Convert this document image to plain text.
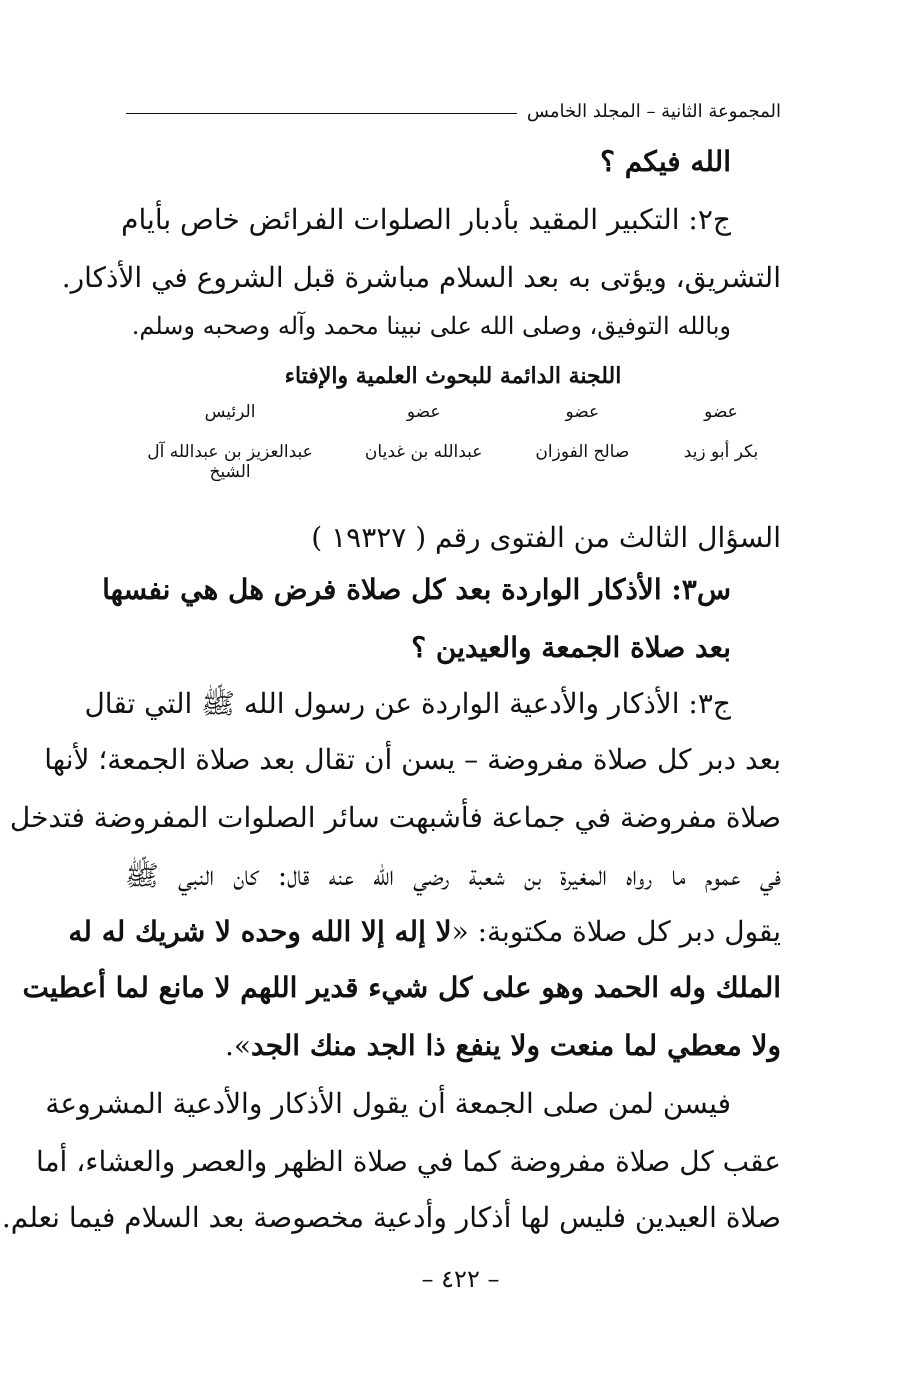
المجموعة الثانية – المجلد الخامس
الله فيكم ؟
ج٢: التكبير المقيد بأدبار الصلوات الفرائض خاص بأيام
التشريق، ويؤتى به بعد السلام مباشرة قبل الشروع في الأذكار.
وبالله التوفيق، وصلى الله على نبينا محمد وآله وصحبه وسلم.
اللجنة الدائمة للبحوث العلمية والإفتاء
عضو
عضو
عضو
الرئيس
بكر أبو زيد
صالح الفوزان
عبدالله بن غديان
عبدالعزيز بن عبدالله آل الشيخ
السؤال الثالث من الفتوى رقم ( ١٩٣٢٧ )
س٣: الأذكار الواردة بعد كل صلاة فرض هل هي نفسها
بعد صلاة الجمعة والعيدين ؟
ج٣: الأذكار والأدعية الواردة عن رسول الله ﷺ التي تقال
بعد دبر كل صلاة مفروضة – يسن أن تقال بعد صلاة الجمعة؛ لأنها
صلاة مفروضة في جماعة فأشبهت سائر الصلوات المفروضة فتدخل
في عموم ما رواه المغيرة بن شعبة رضي الله عنه قال: كان النبي ﷺ
يقول دبر كل صلاة مكتوبة: «لا إله إلا الله وحده لا شريك له له
الملك وله الحمد وهو على كل شيء قدير اللهم لا مانع لما أعطيت
ولا معطي لما منعت ولا ينفع ذا الجد منك الجد».
فيسن لمن صلى الجمعة أن يقول الأذكار والأدعية المشروعة
عقب كل صلاة مفروضة كما في صلاة الظهر والعصر والعشاء، أما
صلاة العيدين فليس لها أذكار وأدعية مخصوصة بعد السلام فيما نعلم.
– ٤٢٢ –
